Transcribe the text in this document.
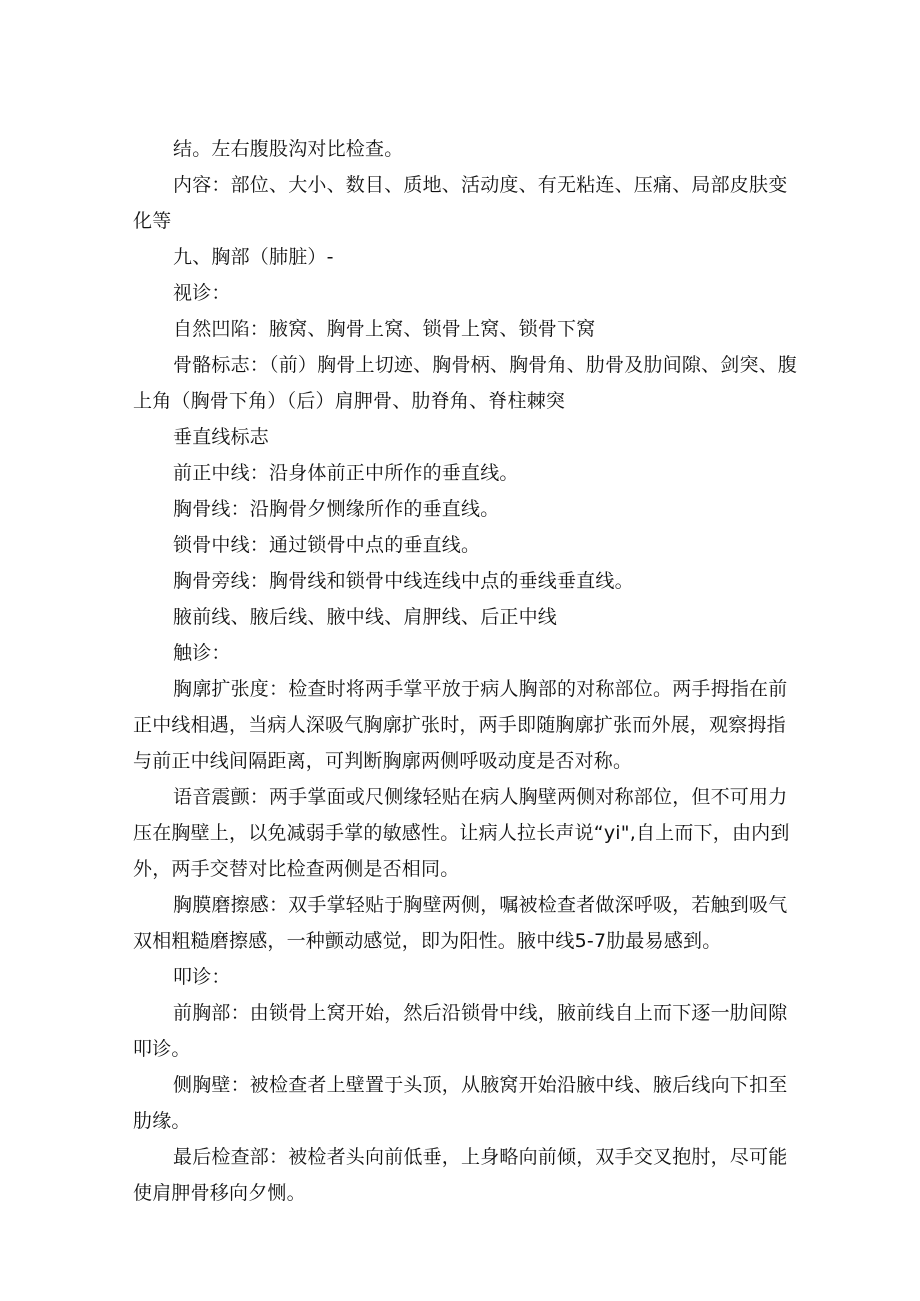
结。左右腹股沟对比检查。

内容：部位、大小、数目、质地、活动度、有无粘连、压痛、局部皮肤变化等

九、胸部（肺脏）-

视诊：

自然凹陷：腋窝、胸骨上窝、锁骨上窝、锁骨下窝

骨骼标志：（前）胸骨上切迹、胸骨柄、胸骨角、肋骨及肋间隙、剑突、腹上角（胸骨下角）（后）肩胛骨、肋脊角、脊柱棘突

垂直线标志

前正中线：沿身体前正中所作的垂直线。

胸骨线：沿胸骨夕恻缘所作的垂直线。

锁骨中线：通过锁骨中点的垂直线。

胸骨旁线：胸骨线和锁骨中线连线中点的垂线垂直线。

腋前线、腋后线、腋中线、肩胛线、后正中线

触诊：

胸廓扩张度：检查时将两手掌平放于病人胸部的对称部位。两手拇指在前正中线相遇，当病人深吸气胸廓扩张时，两手即随胸廓扩张而外展，观察拇指与前正中线间隔距离，可判断胸廓两侧呼吸动度是否对称。

语音震颤：两手掌面或尺侧缘轻贴在病人胸壁两侧对称部位，但不可用力压在胸壁上，以免减弱手掌的敏感性。让病人拉长声说“yi",自上而下，由内到外，两手交替对比检查两侧是否相同。

胸膜磨擦感：双手掌轻贴于胸壁两侧，嘱被检查者做深呼吸，若触到吸气双相粗糙磨擦感，一种颤动感觉，即为阳性。腋中线5-7肋最易感到。

叩诊：

前胸部：由锁骨上窝开始，然后沿锁骨中线，腋前线自上而下逐一肋间隙叩诊。

侧胸壁：被检查者上壁置于头顶，从腋窝开始沿腋中线、腋后线向下扣至肋缘。

最后检查部：被检者头向前低垂，上身略向前倾，双手交叉抱肘，尽可能使肩胛骨移向夕恻。
